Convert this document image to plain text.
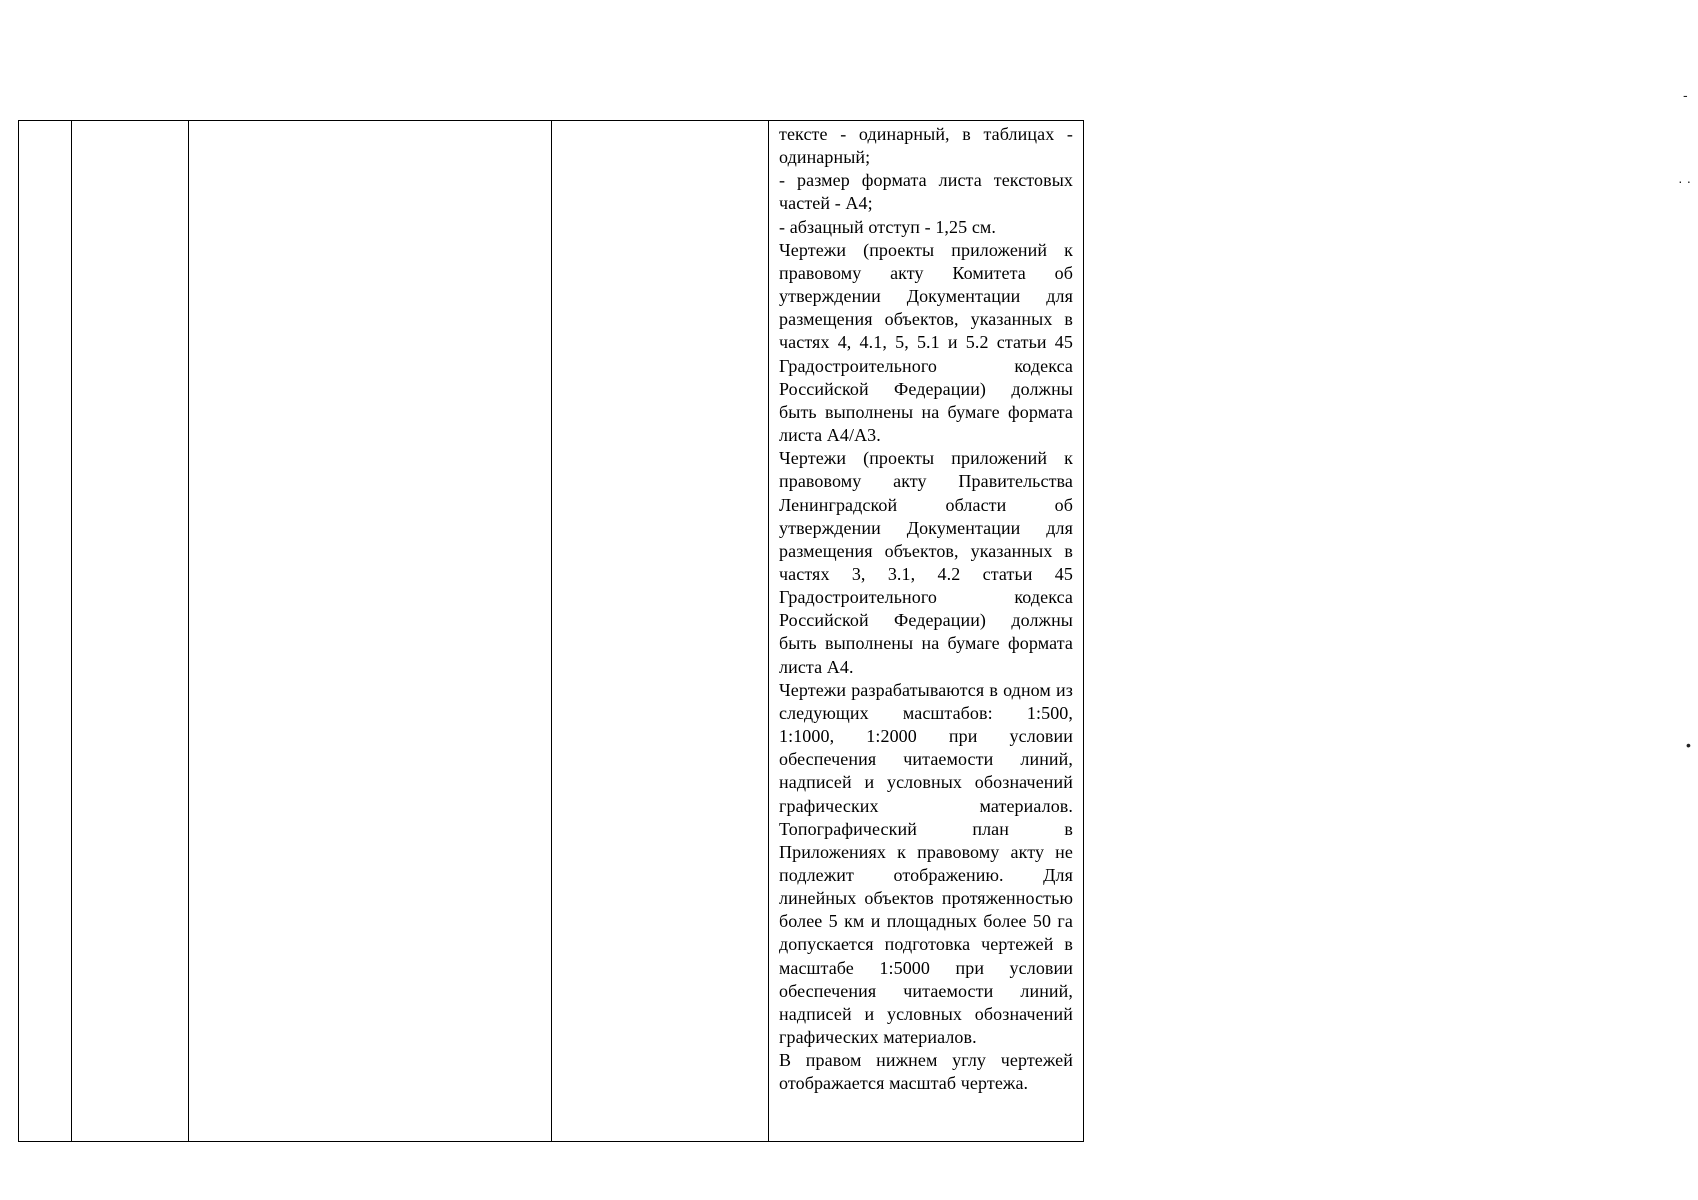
тексте - одинарный, в таблицах - одинарный;

- размер формата листа текстовых частей - А4;

- абзацный отступ - 1,25 см.

Чертежи (проекты приложений к правовому акту Комитета об утверждении Документации для размещения объектов, указанных в частях 4, 4.1, 5, 5.1 и 5.2 статьи 45 Градостроительного кодекса Российской Федерации) должны быть выполнены на бумаге формата листа А4/А3.

Чертежи (проекты приложений к правовому акту Правительства Ленинградской области об утверждении Документации для размещения объектов, указанных в частях 3, 3.1, 4.2 статьи 45 Градостроительного кодекса Российской Федерации) должны быть выполнены на бумаге формата листа А4.

Чертежи разрабатываются в одном из следующих масштабов: 1:500, 1:1000, 1:2000 при условии обеспечения читаемости линий, надписей и условных обозначений графических материалов. Топографический план в Приложениях к правовому акту не подлежит отображению. Для линейных объектов протяженностью более 5 км и площадных более 50 га допускается подготовка чертежей в масштабе 1:5000 при условии обеспечения читаемости линий, надписей и условных обозначений графических материалов.

В правом нижнем углу чертежей отображается масштаб чертежа.

-
· ·
•
